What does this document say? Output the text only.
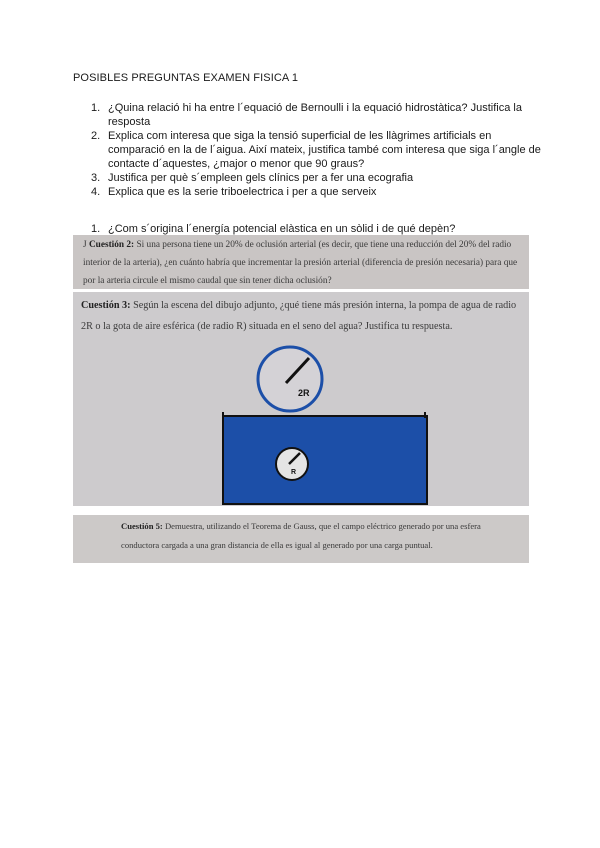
POSIBLES PREGUNTAS EXAMEN FISICA 1
1. ¿Quina relació hi ha entre l´equació de Bernoulli i la equació hidrostàtica? Justifica la resposta
2. Explica com interesa que siga la tensió superficial de les llàgrimes artificials en comparació en la de l´aigua. Així mateix, justifica també com interesa que siga l´angle de contacte d´aquestes, ¿major o menor que 90 graus?
3. Justifica per què s´empleen gels clínics per a fer una ecografia
4. Explica que es la serie triboelectrica i per a que serveix
1. ¿Com s´origina l´energía potencial elàstica en un sòlid i de qué depèn?
J Cuestión 2: Si una persona tiene un 20% de oclusión arterial (es decir, que tiene una reducción del 20% del radio interior de la arteria), ¿en cuánto habría que incrementar la presión arterial (diferencia de presión necesaria) para que por la arteria circule el mismo caudal que sin tener dicha oclusión?
Cuestión 3: Según la escena del dibujo adjunto, ¿qué tiene más presión interna, la pompa de agua de radio 2R o la gota de aire esférica (de radio R) situada en el seno del agua? Justifica tu respuesta.
2R
R
Cuestión 5: Demuestra, utilizando el Teorema de Gauss, que el campo eléctrico generado por una esfera conductora cargada a una gran distancia de ella es igual al generado por una carga puntual.
